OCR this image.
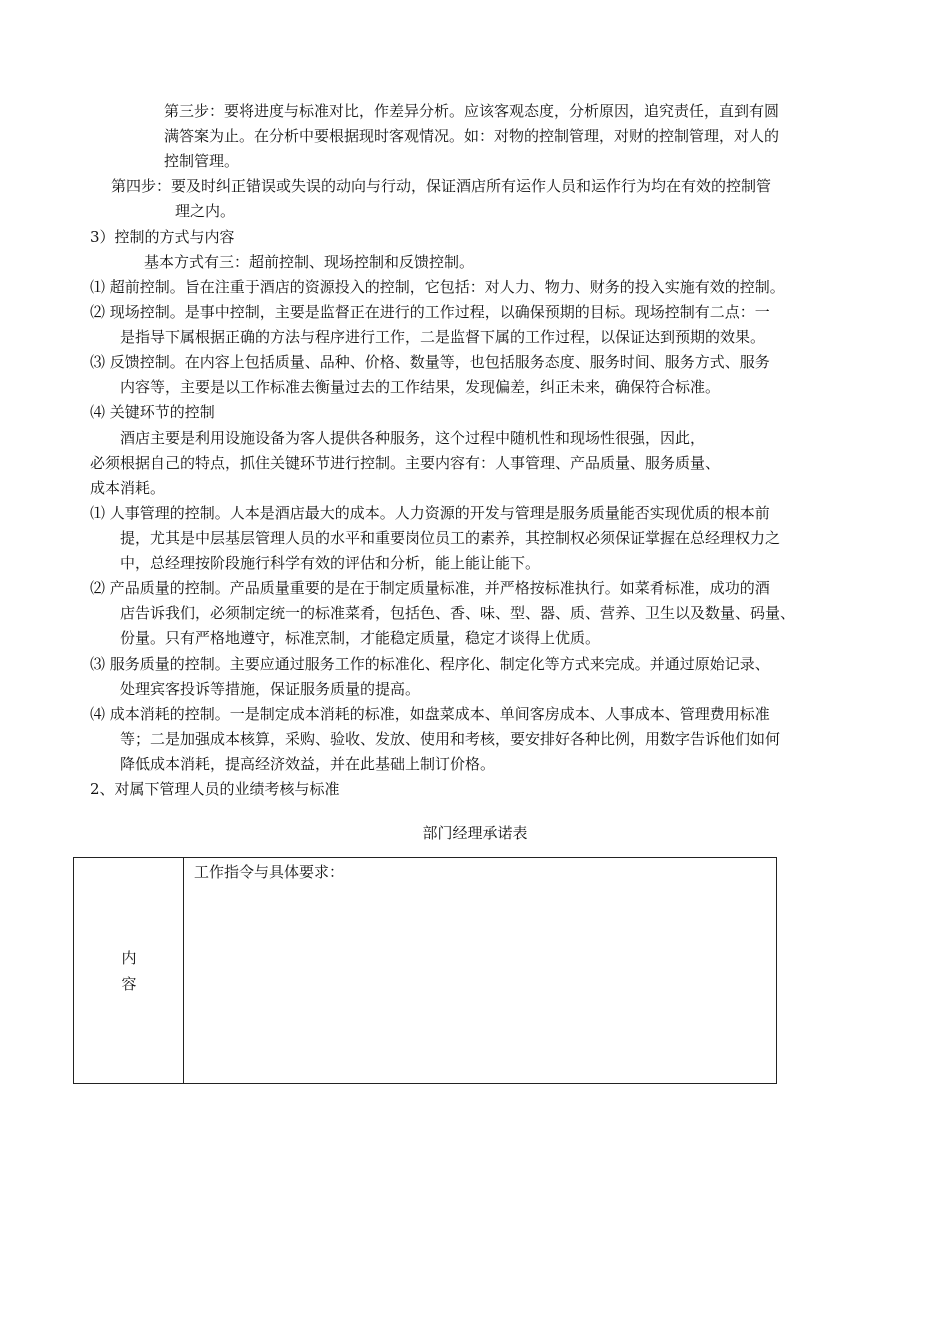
第三步：要将进度与标准对比，作差异分析。应该客观态度，分析原因，追究责任，直到有圆
满答案为止。在分析中要根据现时客观情况。如：对物的控制管理，对财的控制管理，对人的
控制管理。
第四步：要及时纠正错误或失误的动向与行动，保证酒店所有运作人员和运作行为均在有效的控制管
理之内。
3）控制的方式与内容
基本方式有三：超前控制、现场控制和反馈控制。
⑴ 超前控制。旨在注重于酒店的资源投入的控制，它包括：对人力、物力、财务的投入实施有效的控制。
⑵ 现场控制。是事中控制，主要是监督正在进行的工作过程，以确保预期的目标。现场控制有二点：一
是指导下属根据正确的方法与程序进行工作，二是监督下属的工作过程，以保证达到预期的效果。
⑶ 反馈控制。在内容上包括质量、品种、价格、数量等，也包括服务态度、服务时间、服务方式、服务
内容等，主要是以工作标准去衡量过去的工作结果，发现偏差，纠正未来，确保符合标准。
⑷ 关键环节的控制
酒店主要是利用设施设备为客人提供各种服务，这个过程中随机性和现场性很强，因此，
必须根据自己的特点，抓住关键环节进行控制。主要内容有：人事管理、产品质量、服务质量、
成本消耗。
⑴ 人事管理的控制。人本是酒店最大的成本。人力资源的开发与管理是服务质量能否实现优质的根本前
提，尤其是中层基层管理人员的水平和重要岗位员工的素养，其控制权必须保证掌握在总经理权力之
中，总经理按阶段施行科学有效的评估和分析，能上能让能下。
⑵ 产品质量的控制。产品质量重要的是在于制定质量标准，并严格按标准执行。如菜肴标准，成功的酒
店告诉我们，必须制定统一的标准菜肴，包括色、香、味、型、器、质、营养、卫生以及数量、码量、
份量。只有严格地遵守，标准烹制，才能稳定质量，稳定才谈得上优质。
⑶ 服务质量的控制。主要应通过服务工作的标准化、程序化、制定化等方式来完成。并通过原始记录、
处理宾客投诉等措施，保证服务质量的提高。
⑷ 成本消耗的控制。一是制定成本消耗的标准，如盘菜成本、单间客房成本、人事成本、管理费用标准
等；二是加强成本核算，采购、验收、发放、使用和考核，要安排好各种比例，用数字告诉他们如何
降低成本消耗，提高经济效益，并在此基础上制订价格。
2、对属下管理人员的业绩考核与标准
部门经理承诺表
内
容
工作指令与具体要求：
